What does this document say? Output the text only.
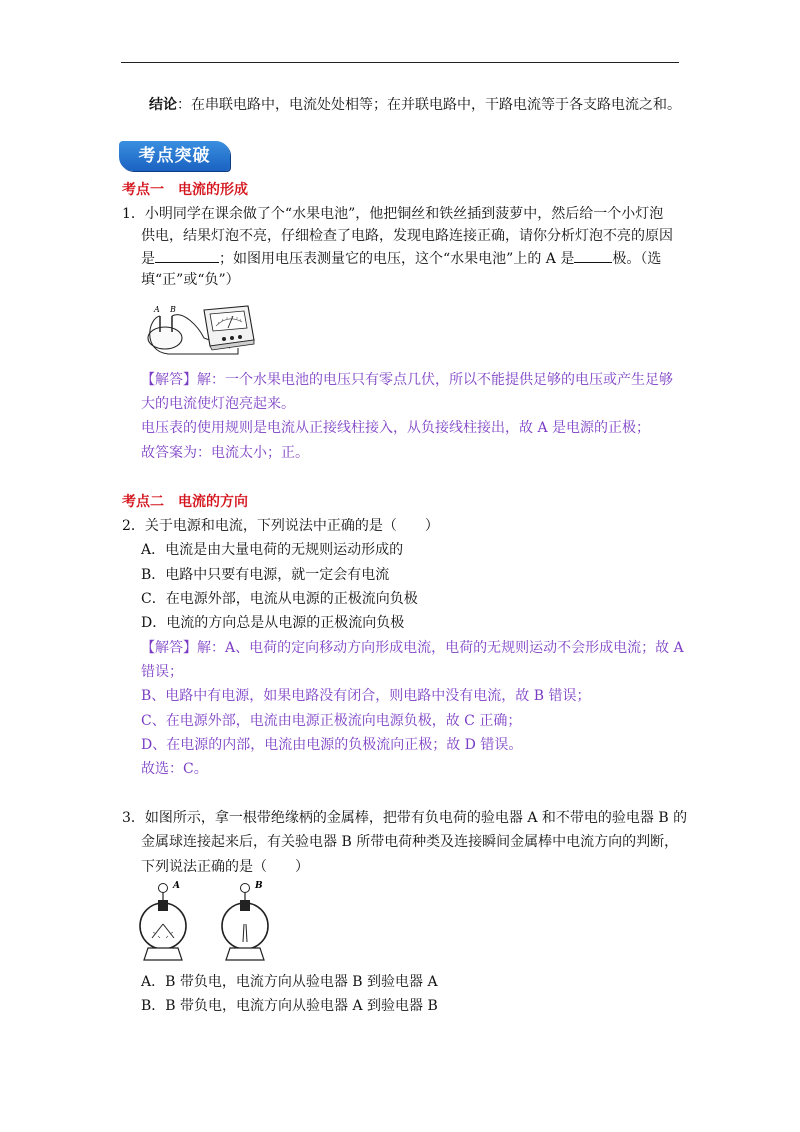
结论：在串联电路中，电流处处相等；在并联电路中，干路电流等于各支路电流之和。
考点突破
考点一　电流的形成
1．小明同学在课余做了个“水果电池”，他把铜丝和铁丝插到菠萝中，然后给一个小灯泡
供电，结果灯泡不亮，仔细检查了电路，发现电路连接正确，请你分析灯泡不亮的原因
是	；如图用电压表测量它的电压，这个“水果电池”上的 A 是	极。（选
填“正”或“负”）
A B
【解答】解：一个水果电池的电压只有零点几伏，所以不能提供足够的电压或产生足够
大的电流使灯泡亮起来。
电压表的使用规则是电流从正接线柱接入，从负接线柱接出，故 A 是电源的正极；
故答案为：电流太小；正。
考点二　电流的方向
2．关于电源和电流，下列说法中正确的是（　　）
A．电流是由大量电荷的无规则运动形成的
B．电路中只要有电源，就一定会有电流
C．在电源外部，电流从电源的正极流向负极
D．电流的方向总是从电源的正极流向负极
【解答】解：A、电荷的定向移动方向形成电流，电荷的无规则运动不会形成电流；故 A
错误；
B、电路中有电源，如果电路没有闭合，则电路中没有电流，故 B 错误；
C、在电源外部，电流由电源正极流向电源负极，故 C 正确；
D、在电源的内部，电流由电源的负极流向正极；故 D 错误。
故选：C。
3．如图所示，拿一根带绝缘柄的金属棒，把带有负电荷的验电器 A 和不带电的验电器 B 的
金属球连接起来后，有关验电器 B 所带电荷种类及连接瞬间金属棒中电流方向的判断，
下列说法正确的是（　　）
A	B
A．B 带负电，电流方向从验电器 B 到验电器 A
B．B 带负电，电流方向从验电器 A 到验电器 B
